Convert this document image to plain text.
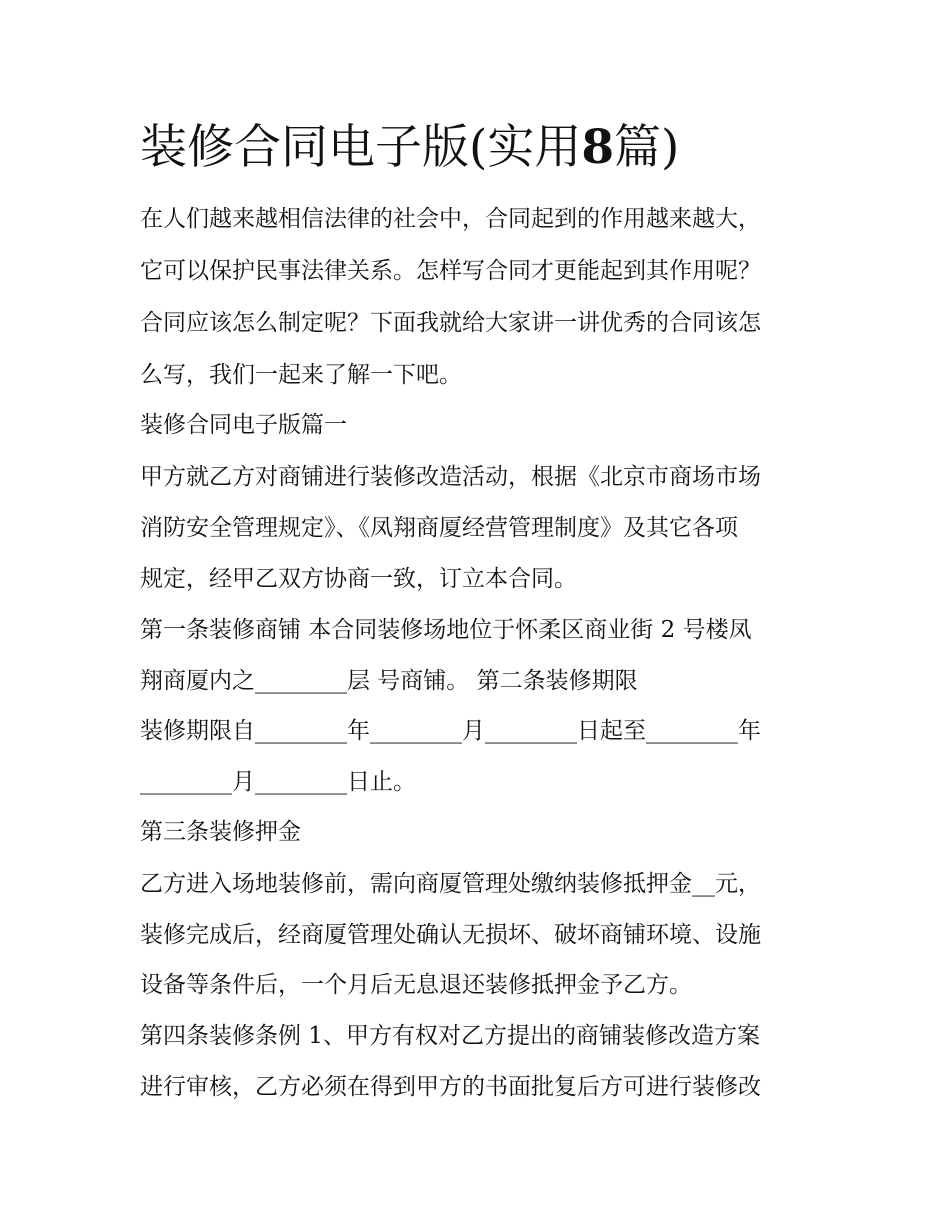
装修合同电子版(实用8篇)

在人们越来越相信法律的社会中，合同起到的作用越来越大，

它可以保护民事法律关系。怎样写合同才更能起到其作用呢？

合同应该怎么制定呢？下面我就给大家讲一讲优秀的合同该怎

么写，我们一起来了解一下吧。

装修合同电子版篇一

甲方就乙方对商铺进行装修改造活动，根据《北京市商场市场

消防安全管理规定》、《凤翔商厦经营管理制度》及其它各项

规定，经甲乙双方协商一致，订立本合同。

第一条装修商铺 本合同装修场地位于怀柔区商业街 2 号楼凤

翔商厦内之________层 号商铺。 第二条装修期限

装修期限自________年________月________日起至________年

________月________日止。

第三条装修押金

乙方进入场地装修前，需向商厦管理处缴纳装修抵押金__元，

装修完成后，经商厦管理处确认无损坏、破坏商铺环境、设施

设备等条件后，一个月后无息退还装修抵押金予乙方。

第四条装修条例 1、甲方有权对乙方提出的商铺装修改造方案

进行审核，乙方必须在得到甲方的书面批复后方可进行装修改
